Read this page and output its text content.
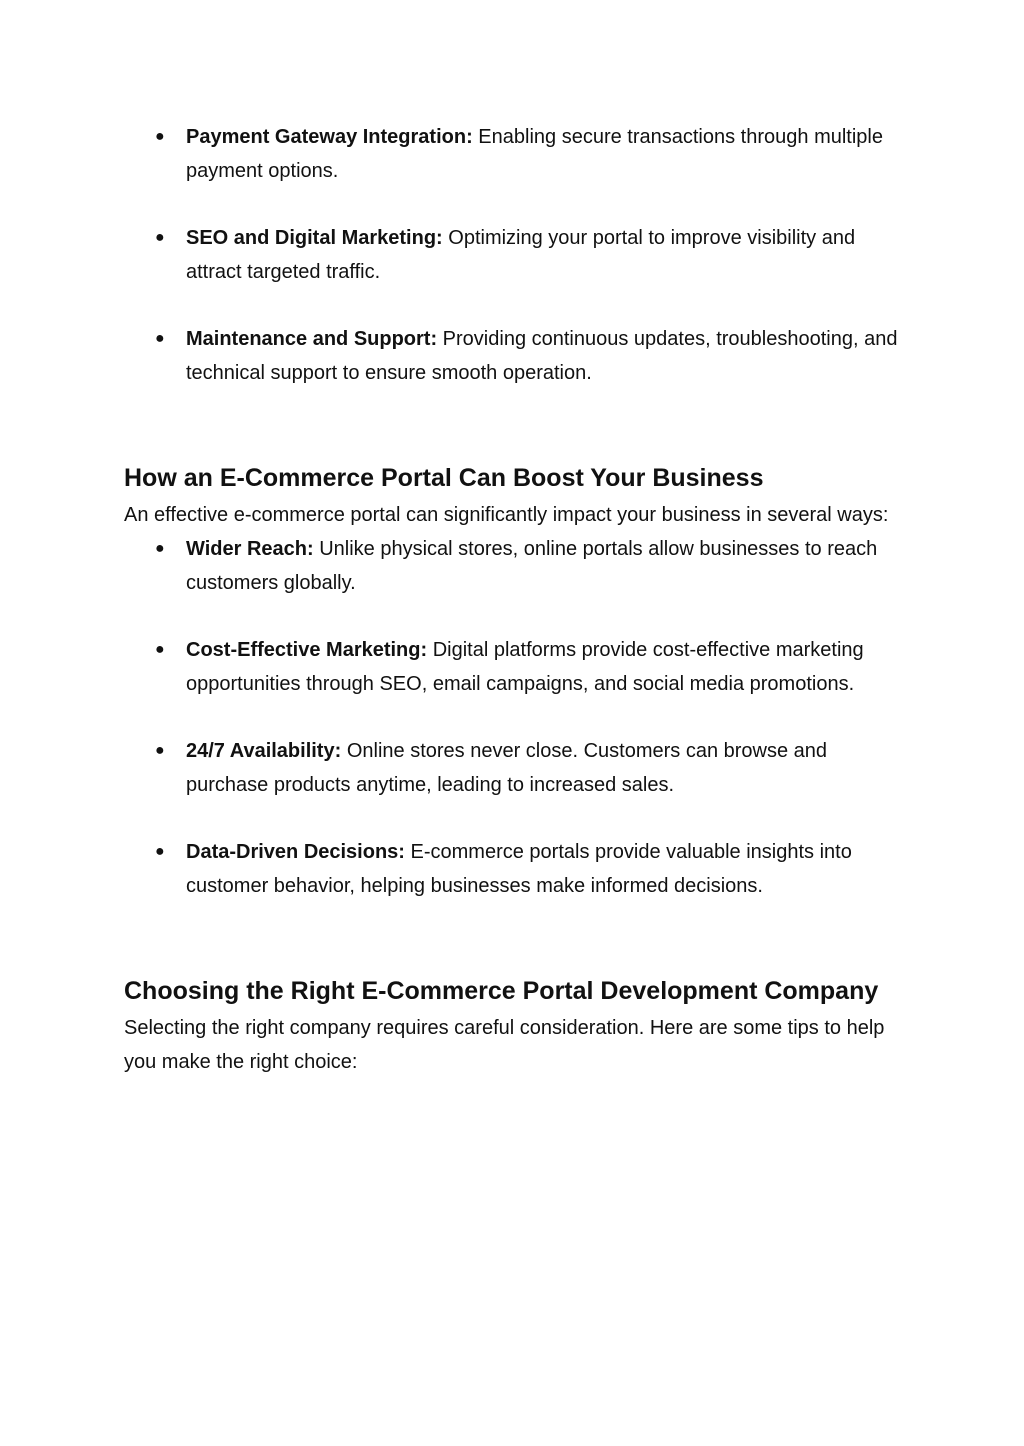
● Payment Gateway Integration: Enabling secure transactions through multiple payment options.
● SEO and Digital Marketing: Optimizing your portal to improve visibility and attract targeted traffic.
● Maintenance and Support: Providing continuous updates, troubleshooting, and technical support to ensure smooth operation.
How an E-Commerce Portal Can Boost Your Business

An effective e-commerce portal can significantly impact your business in several ways:

● Wider Reach: Unlike physical stores, online portals allow businesses to reach customers globally.
● Cost-Effective Marketing: Digital platforms provide cost-effective marketing opportunities through SEO, email campaigns, and social media promotions.
● 24/7 Availability: Online stores never close. Customers can browse and purchase products anytime, leading to increased sales.
● Data-Driven Decisions: E-commerce portals provide valuable insights into customer behavior, helping businesses make informed decisions.
Choosing the Right E-Commerce Portal Development Company

Selecting the right company requires careful consideration. Here are some tips to help you make the right choice:
